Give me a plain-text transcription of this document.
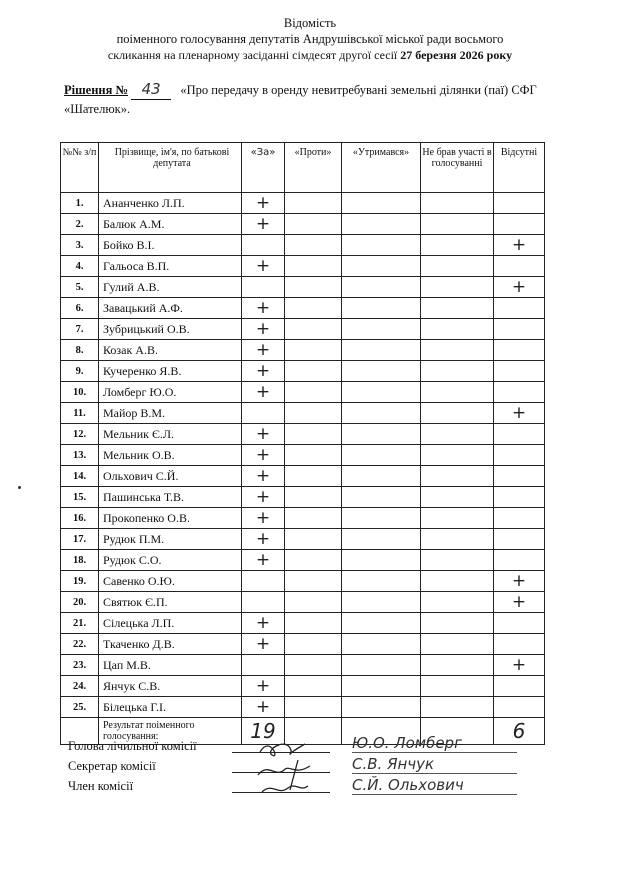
Відомість
поіменного голосування депутатів Андрушівської міської ради восьмого
скликання на пленарному засіданні сімдесят другої сесії 27 березня 2026 року
Рішення № 43 «Про передачу в оренду невитребувані земельні ділянки (паї) СФГ «Шателюк».
№№ з/п	Прізвище, ім'я, по батькові депутата	«За»	«Проти»	«Утримався»	Не брав участі в голосуванні	Відсутні
1.	Ананченко Л.П.	+				
2.	Балюк А.М.	+				
3.	Бойко В.І.					+
4.	Гальоса В.П.	+				
5.	Гулий А.В.					+
6.	Завацький А.Ф.	+				
7.	Зубрицький О.В.	+				
8.	Козак А.В.	+				
9.	Кучеренко Я.В.	+				
10.	Ломберг Ю.О.	+				
11.	Майор В.М.					+
12.	Мельник Є.Л.	+				
13.	Мельник О.В.	+				
14.	Ольхович С.Й.	+				
15.	Пашинська Т.В.	+				
16.	Прокопенко О.В.	+				
17.	Рудюк П.М.	+				
18.	Рудюк С.О.	+				
19.	Савенко О.Ю.					+
20.	Святюк Є.П.					+
21.	Сілецька Л.П.	+				
22.	Ткаченко Д.В.	+				
23.	Цап М.В.					+
24.	Янчук С.В.	+				
25.	Білецька Г.І.	+				
	Результат поіменного голосування:	19				6
Голова лічильної комісії
Секретар комісії
Член комісії
Ю.О. Ломберг
С.В. Янчук
С.Й. Ольхович
